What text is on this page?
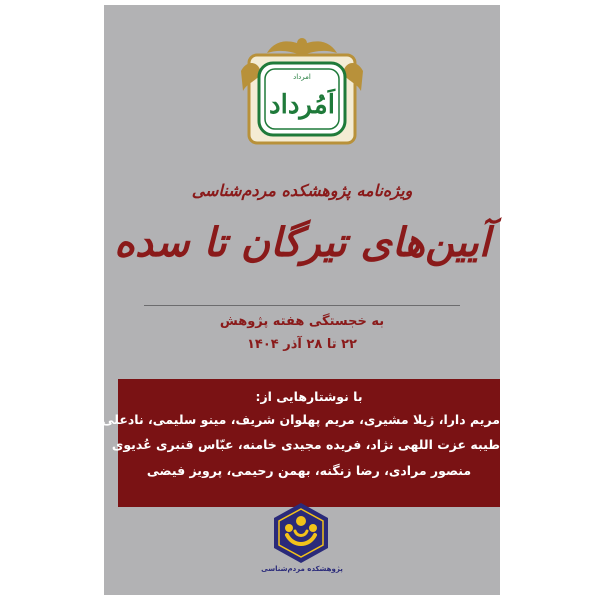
امرداد
اَمُرداد
ویژه‌نامه پژوهشکده مردم‌شناسی
آیین‌های تیرگان تا سده
به خجستگی هفته پژوهش
۲۲ تا ۲۸ آذر ۱۴۰۴
با نوشتارهایی از:
مریم دارا، ژیلا مشیری، مریم پهلوان شریف، مینو سلیمی، نادعلی فلاح
طیبه عزت اللهی نژاد، فریده مجیدی خامنه، عبّاس قنبری عُدیوی
منصور مرادی، رضا زنگنه، بهمن رحیمی، پرویز فیضی
پژوهشکده مردم‌شناسی
